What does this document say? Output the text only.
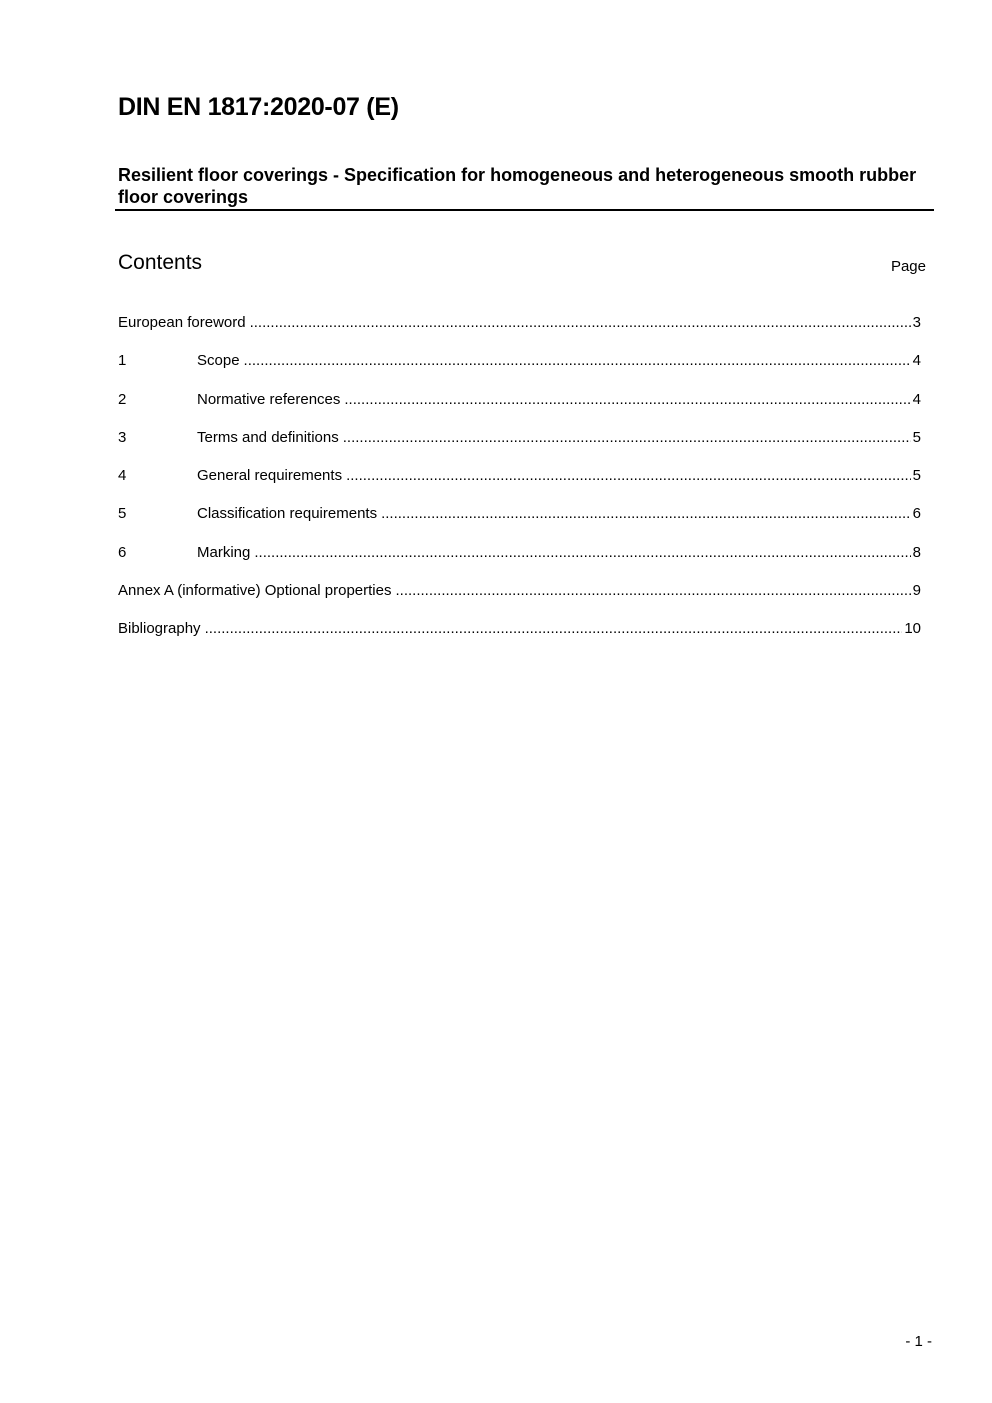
DIN EN 1817:2020-07 (E)
Resilient floor coverings - Specification for homogeneous and heterogeneous smooth rubber floor coverings
Contents	Page
European foreword .....	3
1	Scope .....	4
2	Normative references .....	4
3	Terms and definitions .....	5
4	General requirements .....	5
5	Classification requirements .....	6
6	Marking .....	8
Annex A (informative) Optional properties .....	9
Bibliography .....	10
- 1 -
